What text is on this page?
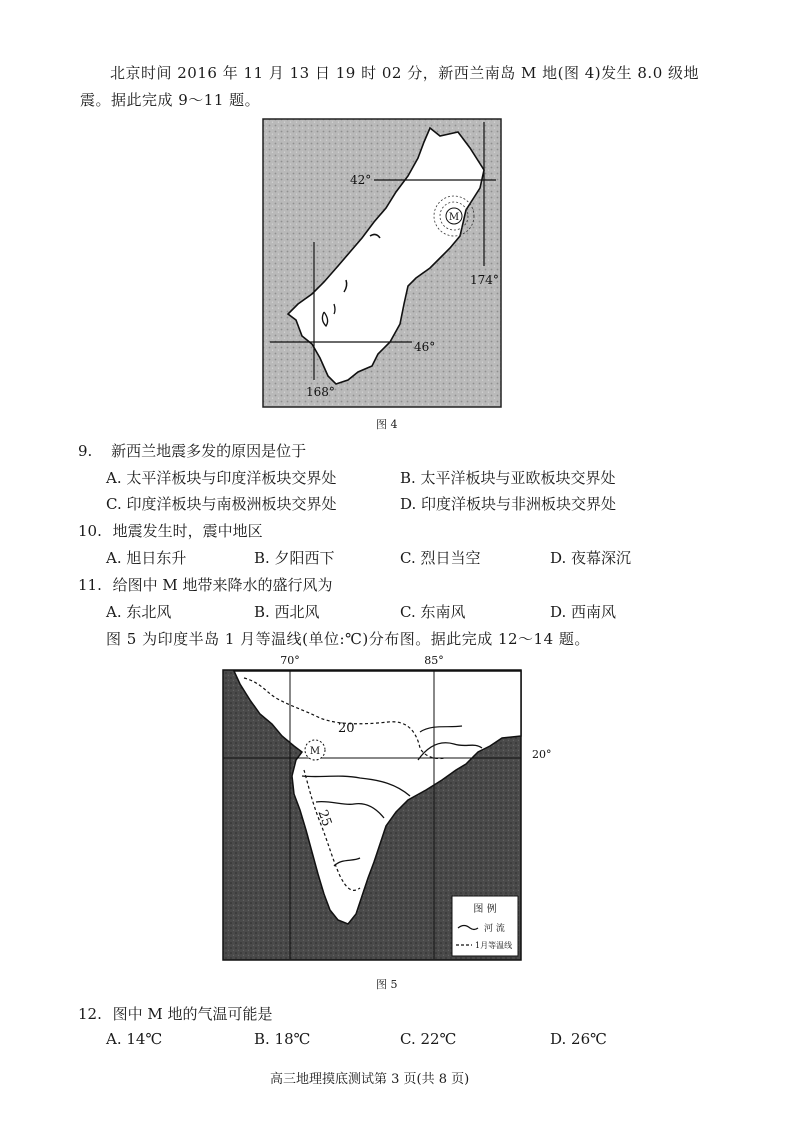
北京时间 2016 年 11 月 13 日 19 时 02 分，新西兰南岛 M 地(图 4)发生 8.0 级地震。据此完成 9～11 题。
M
42°
46°
174°
168°
图 4
9. 新西兰地震多发的原因是位于
A. 太平洋板块与印度洋板块交界处	B. 太平洋板块与亚欧板块交界处
C. 印度洋板块与南极洲板块交界处	D. 印度洋板块与非洲板块交界处
10. 地震发生时，震中地区
A. 旭日东升	B. 夕阳西下	C. 烈日当空	D. 夜幕深沉
11. 给图中 M 地带来降水的盛行风为
A. 东北风	B. 西北风	C. 东南风	D. 西南风
图 5 为印度半岛 1 月等温线(单位:℃)分布图。据此完成 12～14 题。
70°	85°
20°
M
20
25
图 例
河 流
1月等温线
图 5
12. 图中 M 地的气温可能是
A. 14℃	B. 18℃	C. 22℃	D. 26℃
高三地理摸底测试第 3 页(共 8 页)
